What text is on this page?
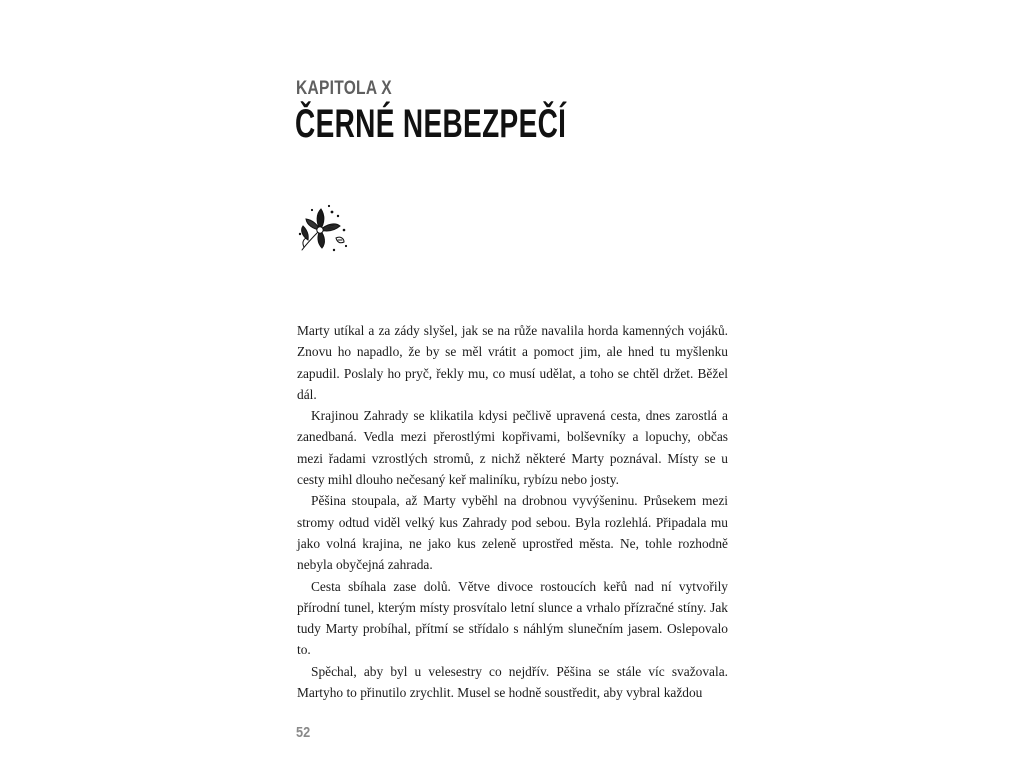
KAPITOLA X
ČERNÉ NEBEZPEČÍ

Marty utíkal a za zády slyšel, jak se na růže navalila horda kamenných vojáků. Znovu ho napadlo, že by se měl vrátit a pomoct jim, ale hned tu myšlenku zapudil. Poslaly ho pryč, řekly mu, co musí udělat, a toho se chtěl držet. Běžel dál.

Krajinou Zahrady se klikatila kdysi pečlivě upravená cesta, dnes zarostlá a zanedbaná. Vedla mezi přerostlými kopřivami, bolševníky a lopuchy, občas mezi řadami vzrostlých stromů, z nichž některé Marty poznával. Místy se u cesty mihl dlouho nečesaný keř maliníku, rybízu nebo josty.

Pěšina stoupala, až Marty vyběhl na drobnou vyvýšeninu. Průsekem mezi stromy odtud viděl velký kus Zahrady pod sebou. Byla rozlehlá. Připadala mu jako volná krajina, ne jako kus zeleně uprostřed města. Ne, tohle rozhodně nebyla obyčejná zahrada.

Cesta sbíhala zase dolů. Větve divoce rostoucích keřů nad ní vytvořily přírodní tunel, kterým místy prosvítalo letní slunce a vrhalo přízračné stíny. Jak tudy Marty probíhal, přítmí se střídalo s náhlým slunečním jasem. Oslepovalo to.

Spěchal, aby byl u velesestry co nejdřív. Pěšina se stále víc svažovala. Martyho to přinutilo zrychlit. Musel se hodně soustředit, aby vybral každou

52
